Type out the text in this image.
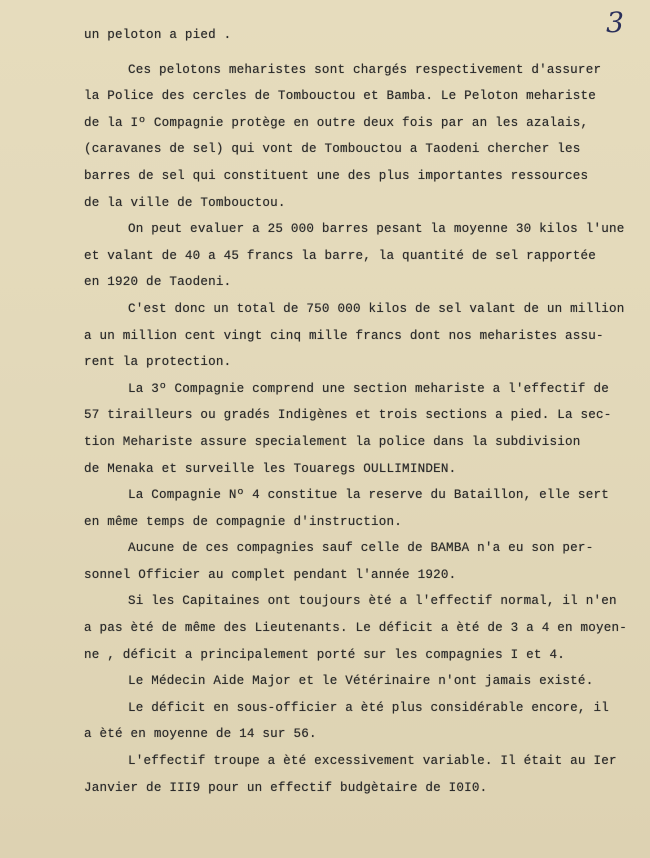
3
un peloton a pied .
Ces pelotons meharistes sont chargés respectivement d'assurer
la Police des cercles de Tombouctou et Bamba. Le Peloton mehariste
de la Iº Compagnie protège en outre deux fois par an les azalais,
(caravanes de sel) qui vont de Tombouctou a Taodeni chercher les
barres de sel qui constituent une des plus importantes ressources
de la ville de Tombouctou.
On peut evaluer a 25 000 barres pesant la moyenne 30 kilos l'une
et valant de 40 a 45 francs la barre, la quantité de sel rapportée
en 1920 de Taodeni.
C'est donc un total de 750 000 kilos de sel valant de un million
a un million cent vingt cinq mille francs dont nos meharistes assu-
rent la protection.
La 3º Compagnie comprend une section mehariste a l'effectif de
57 tirailleurs ou gradés Indigènes et trois sections a pied. La sec-
tion Mehariste assure specialement la police dans la subdivision
de Menaka et surveille les Touaregs OULLIMINDEN.
La Compagnie Nº 4 constitue la reserve du Bataillon, elle sert
en même temps de compagnie d'instruction.
Aucune de ces compagnies sauf celle de BAMBA n'a eu son per-
sonnel Officier au complet pendant l'année 1920.
Si les Capitaines ont toujours èté a l'effectif normal, il n'en
a pas èté de même des Lieutenants. Le déficit a èté de 3 a 4 en moyen-
ne , déficit a principalement porté sur les compagnies I et 4.
Le Médecin Aide Major et le Vétérinaire n'ont jamais existé.
Le déficit en sous-officier a èté plus considérable encore, il
a èté en moyenne de 14 sur 56.
L'effectif troupe a èté excessivement variable. Il était au Ier
Janvier de III9 pour un effectif budgètaire de I0I0.
